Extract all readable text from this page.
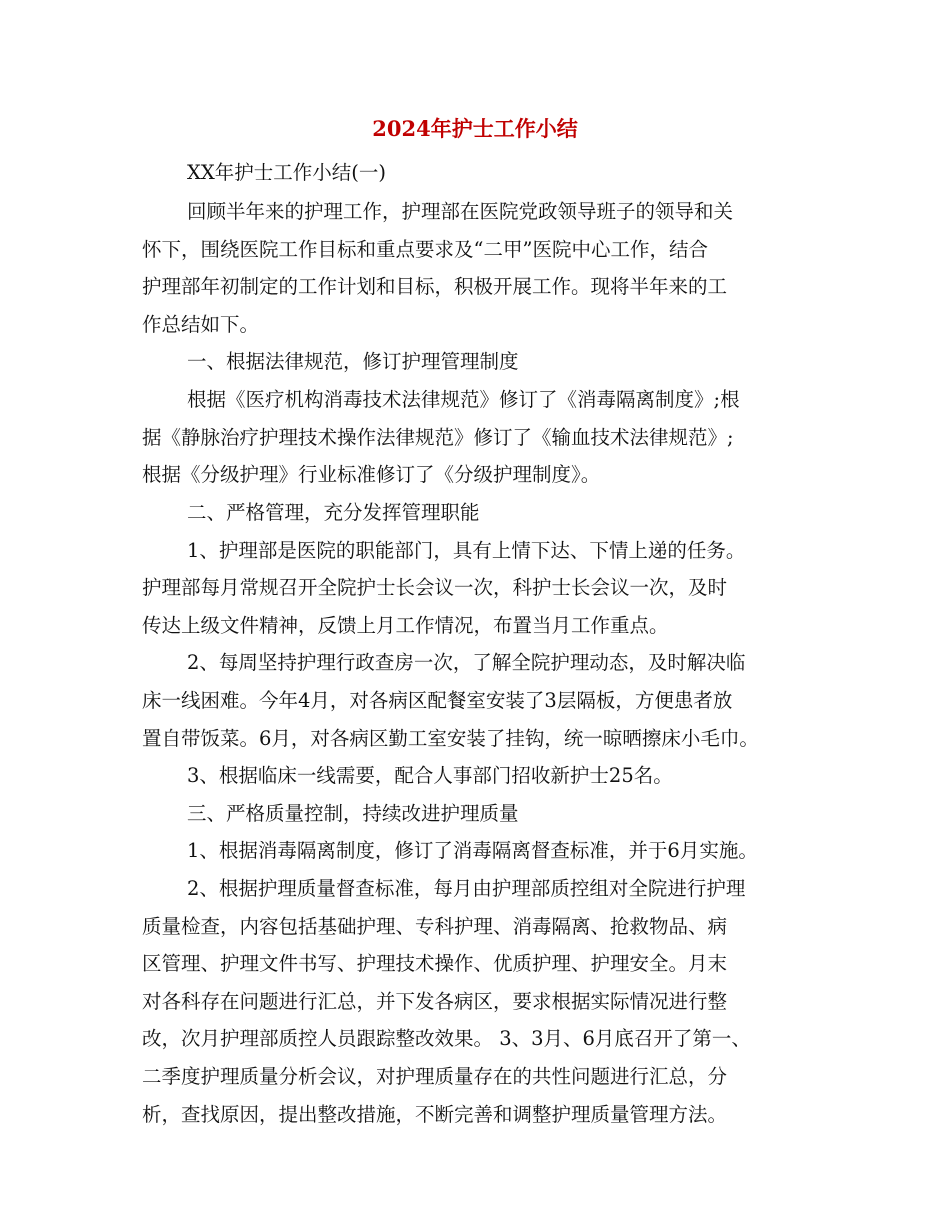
2024年护士工作小结

XX年护士工作小结(一)

回顾半年来的护理工作，护理部在医院党政领导班子的领导和关

怀下，围绕医院工作目标和重点要求及“二甲”医院中心工作，结合

护理部年初制定的工作计划和目标，积极开展工作。现将半年来的工

作总结如下。

一、根据法律规范，修订护理管理制度

根据《医疗机构消毒技术法律规范》修订了《消毒隔离制度》;根

据《静脉治疗护理技术操作法律规范》修订了《输血技术法律规范》;

根据《分级护理》行业标准修订了《分级护理制度》。

二、严格管理，充分发挥管理职能

1、护理部是医院的职能部门，具有上情下达、下情上递的任务。

护理部每月常规召开全院护士长会议一次，科护士长会议一次，及时

传达上级文件精神，反馈上月工作情况，布置当月工作重点。

2、每周坚持护理行政查房一次，了解全院护理动态，及时解决临

床一线困难。今年4月，对各病区配餐室安装了3层隔板，方便患者放

置自带饭菜。6月，对各病区勤工室安装了挂钩，统一晾晒擦床小毛巾。

3、根据临床一线需要，配合人事部门招收新护士25名。

三、严格质量控制，持续改进护理质量

1、根据消毒隔离制度，修订了消毒隔离督查标准，并于6月实施。

2、根据护理质量督查标准，每月由护理部质控组对全院进行护理

质量检查，内容包括基础护理、专科护理、消毒隔离、抢救物品、病

区管理、护理文件书写、护理技术操作、优质护理、护理安全。月末

对各科存在问题进行汇总，并下发各病区，要求根据实际情况进行整

改，次月护理部质控人员跟踪整改效果。 3、3月、6月底召开了第一、

二季度护理质量分析会议，对护理质量存在的共性问题进行汇总，分

析，查找原因，提出整改措施，不断完善和调整护理质量管理方法。
